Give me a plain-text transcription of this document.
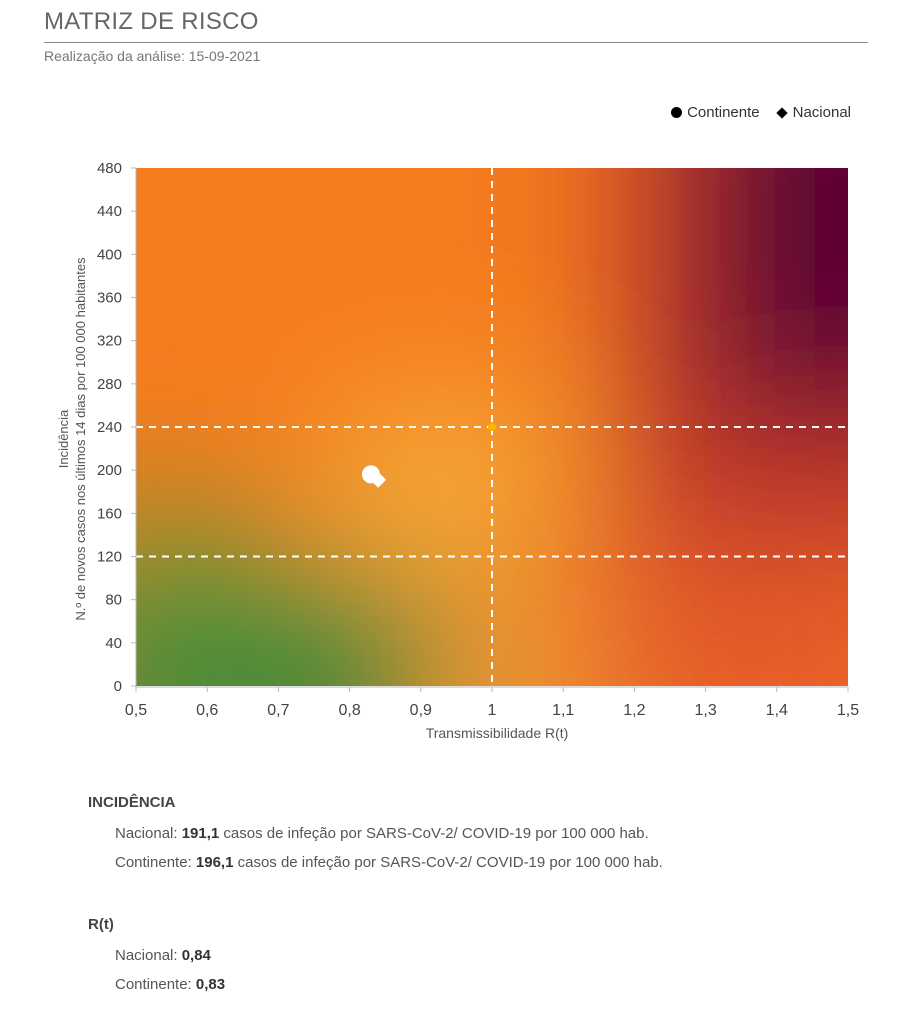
MATRIZ DE RISCO
Realização da análise: 15-09-2021
Continente Nacional
0,5	0,6	0,7	0,8	0,9	1	1,1	1,2	1,3	1,4	1,5
0
40
80
120
160
200
240
280
320
360
400
440
480
Transmissibilidade R(t)
Incidência N.º de novos casos nos últimos 14 dias por 100 000 habitantes
INCIDÊNCIA
Nacional: 191,1 casos de infeção por SARS-CoV-2/ COVID-19 por 100 000 hab.
Continente: 196,1 casos de infeção por SARS-CoV-2/ COVID-19 por 100 000 hab.
R(t)
Nacional: 0,84
Continente: 0,83
